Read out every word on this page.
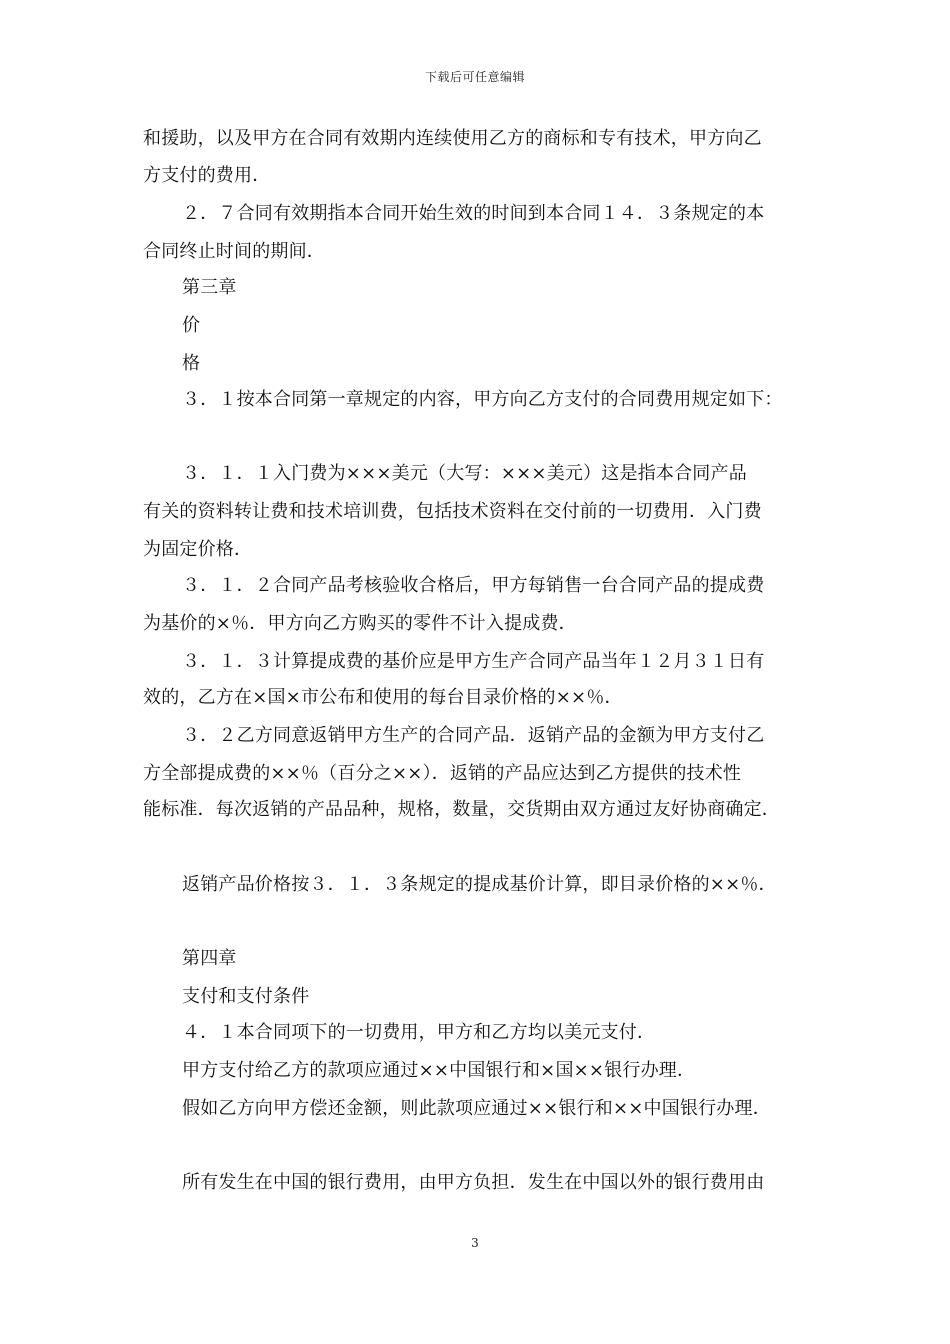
下载后可任意编辑
和援助，以及甲方在合同有效期内连续使用乙方的商标和专有技术，甲方向乙
方支付的费用．
２．７合同有效期指本合同开始生效的时间到本合同１４．３条规定的本
合同终止时间的期间．
第三章
价
格
３．１按本合同第一章规定的内容，甲方向乙方支付的合同费用规定如下：
３．１．１入门费为×××美元（大写：×××美元）这是指本合同产品
有关的资料转让费和技术培训费，包括技术资料在交付前的一切费用．入门费
为固定价格．
３．１．２合同产品考核验收合格后，甲方每销售一台合同产品的提成费
为基价的×％．甲方向乙方购买的零件不计入提成费．
３．１．３计算提成费的基价应是甲方生产合同产品当年１２月３１日有
效的，乙方在×国×市公布和使用的每台目录价格的××％．
３．２乙方同意返销甲方生产的合同产品．返销产品的金额为甲方支付乙
方全部提成费的××％（百分之××）．返销的产品应达到乙方提供的技术性
能标准．每次返销的产品品种，规格，数量，交货期由双方通过友好协商确定．
返销产品价格按３．１．３条规定的提成基价计算，即目录价格的××％．
第四章
支付和支付条件
４．１本合同项下的一切费用，甲方和乙方均以美元支付．
甲方支付给乙方的款项应通过××中国银行和×国××银行办理．
假如乙方向甲方偿还金额，则此款项应通过××银行和××中国银行办理．
所有发生在中国的银行费用，由甲方负担．发生在中国以外的银行费用由
3
